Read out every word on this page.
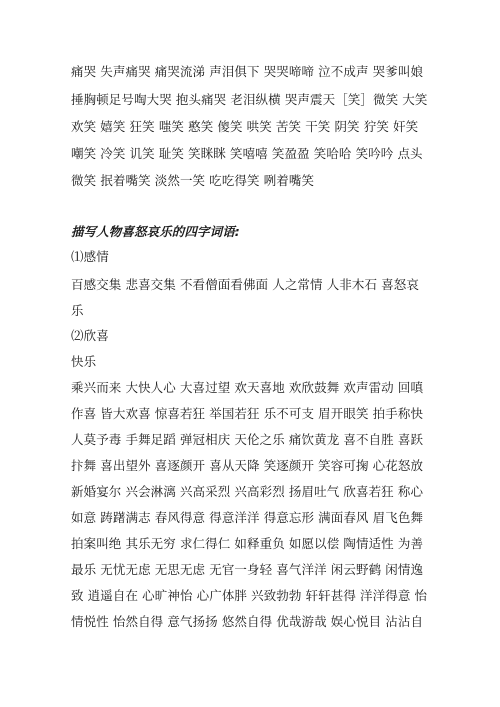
痛哭 失声痛哭 痛哭流涕 声泪俱下 哭哭啼啼 泣不成声 哭爹叫娘
捶胸顿足号啕大哭 抱头痛哭 老泪纵横 哭声震天［笑］微笑 大笑
欢笑 嬉笑 狂笑 嗤笑 憨笑 傻笑 哄笑 苦笑 干笑 阴笑 狞笑 奸笑
嘲笑 冷笑 讥笑 耻笑 笑眯眯 笑嘻嘻 笑盈盈 笑哈哈 笑吟吟 点头
微笑 抿着嘴笑 淡然一笑 吃吃得笑 咧着嘴笑
描写人物喜怒哀乐的四字词语:
⑴感情
百感交集 悲喜交集 不看僧面看佛面 人之常情 人非木石 喜怒哀
乐
⑵欣喜
快乐
乘兴而来 大快人心 大喜过望 欢天喜地 欢欣鼓舞 欢声雷动 回嗔
作喜 皆大欢喜 惊喜若狂 举国若狂 乐不可支 眉开眼笑 拍手称快
人莫予毒 手舞足蹈 弹冠相庆 天伦之乐 痛饮黄龙 喜不自胜 喜跃
抃舞 喜出望外 喜逐颜开 喜从天降 笑逐颜开 笑容可掬 心花怒放
新婚宴尔 兴会淋漓 兴高采烈 兴高彩烈 扬眉吐气 欣喜若狂 称心
如意 踌躇满志 春风得意 得意洋洋 得意忘形 满面春风 眉飞色舞
拍案叫绝 其乐无穷 求仁得仁 如释重负 如愿以偿 陶情适性 为善
最乐 无忧无虑 无思无虑 无官一身轻 喜气洋洋 闲云野鹤 闲情逸
致 逍遥自在 心旷神怡 心广体胖 兴致勃勃 轩轩甚得 洋洋得意 怡
情悦性 怡然自得 意气扬扬 悠然自得 优哉游哉 娱心悦目 沾沾自
